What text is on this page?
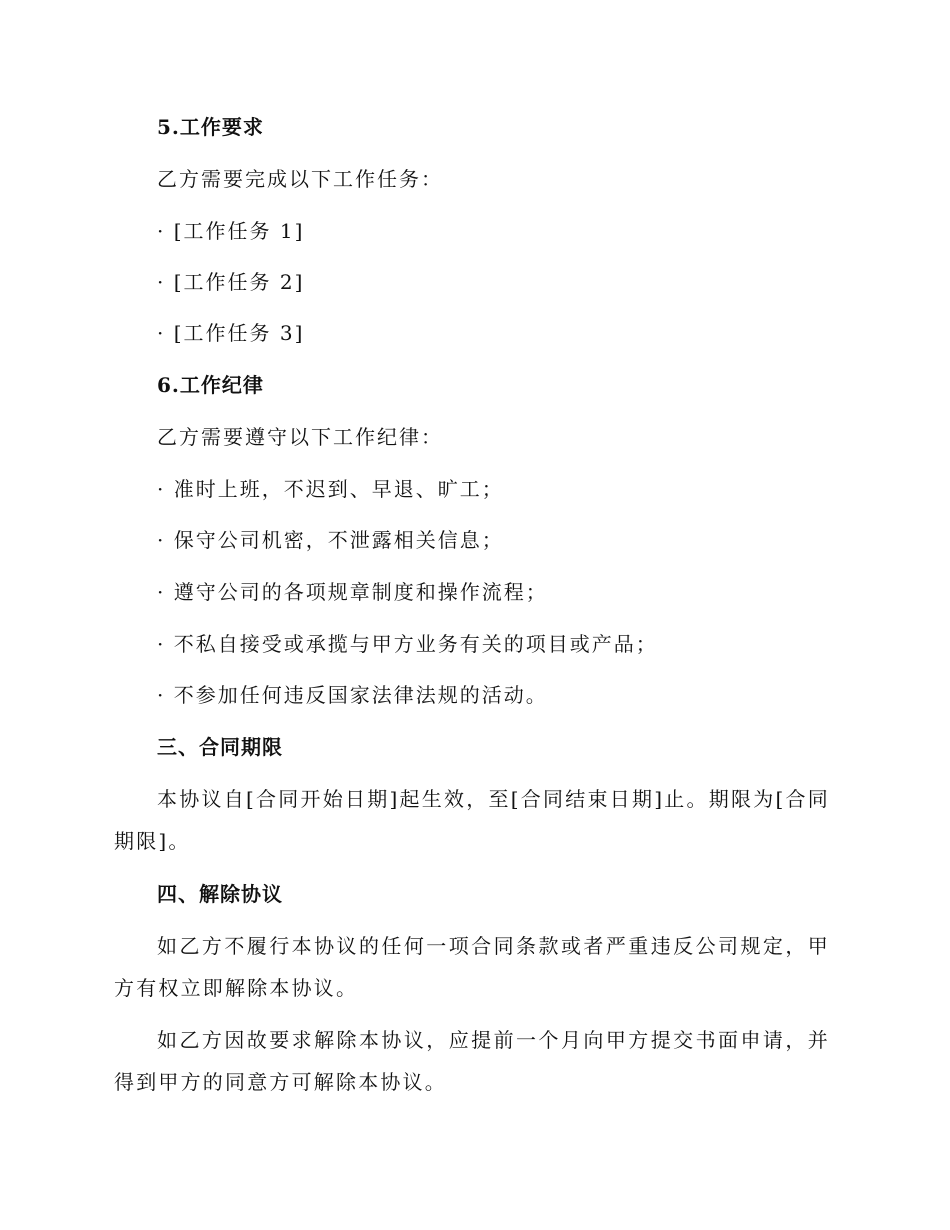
5.工作要求
乙方需要完成以下工作任务：
· [工作任务 1]
· [工作任务 2]
· [工作任务 3]
6.工作纪律
乙方需要遵守以下工作纪律：
· 准时上班，不迟到、早退、旷工；
· 保守公司机密，不泄露相关信息；
· 遵守公司的各项规章制度和操作流程；
· 不私自接受或承揽与甲方业务有关的项目或产品；
· 不参加任何违反国家法律法规的活动。
三、合同期限
本协议自[合同开始日期]起生效，至[合同结束日期]止。期限为[合同期限]。
四、解除协议
如乙方不履行本协议的任何一项合同条款或者严重违反公司规定，甲方有权立即解除本协议。
如乙方因故要求解除本协议，应提前一个月向甲方提交书面申请，并得到甲方的同意方可解除本协议。
